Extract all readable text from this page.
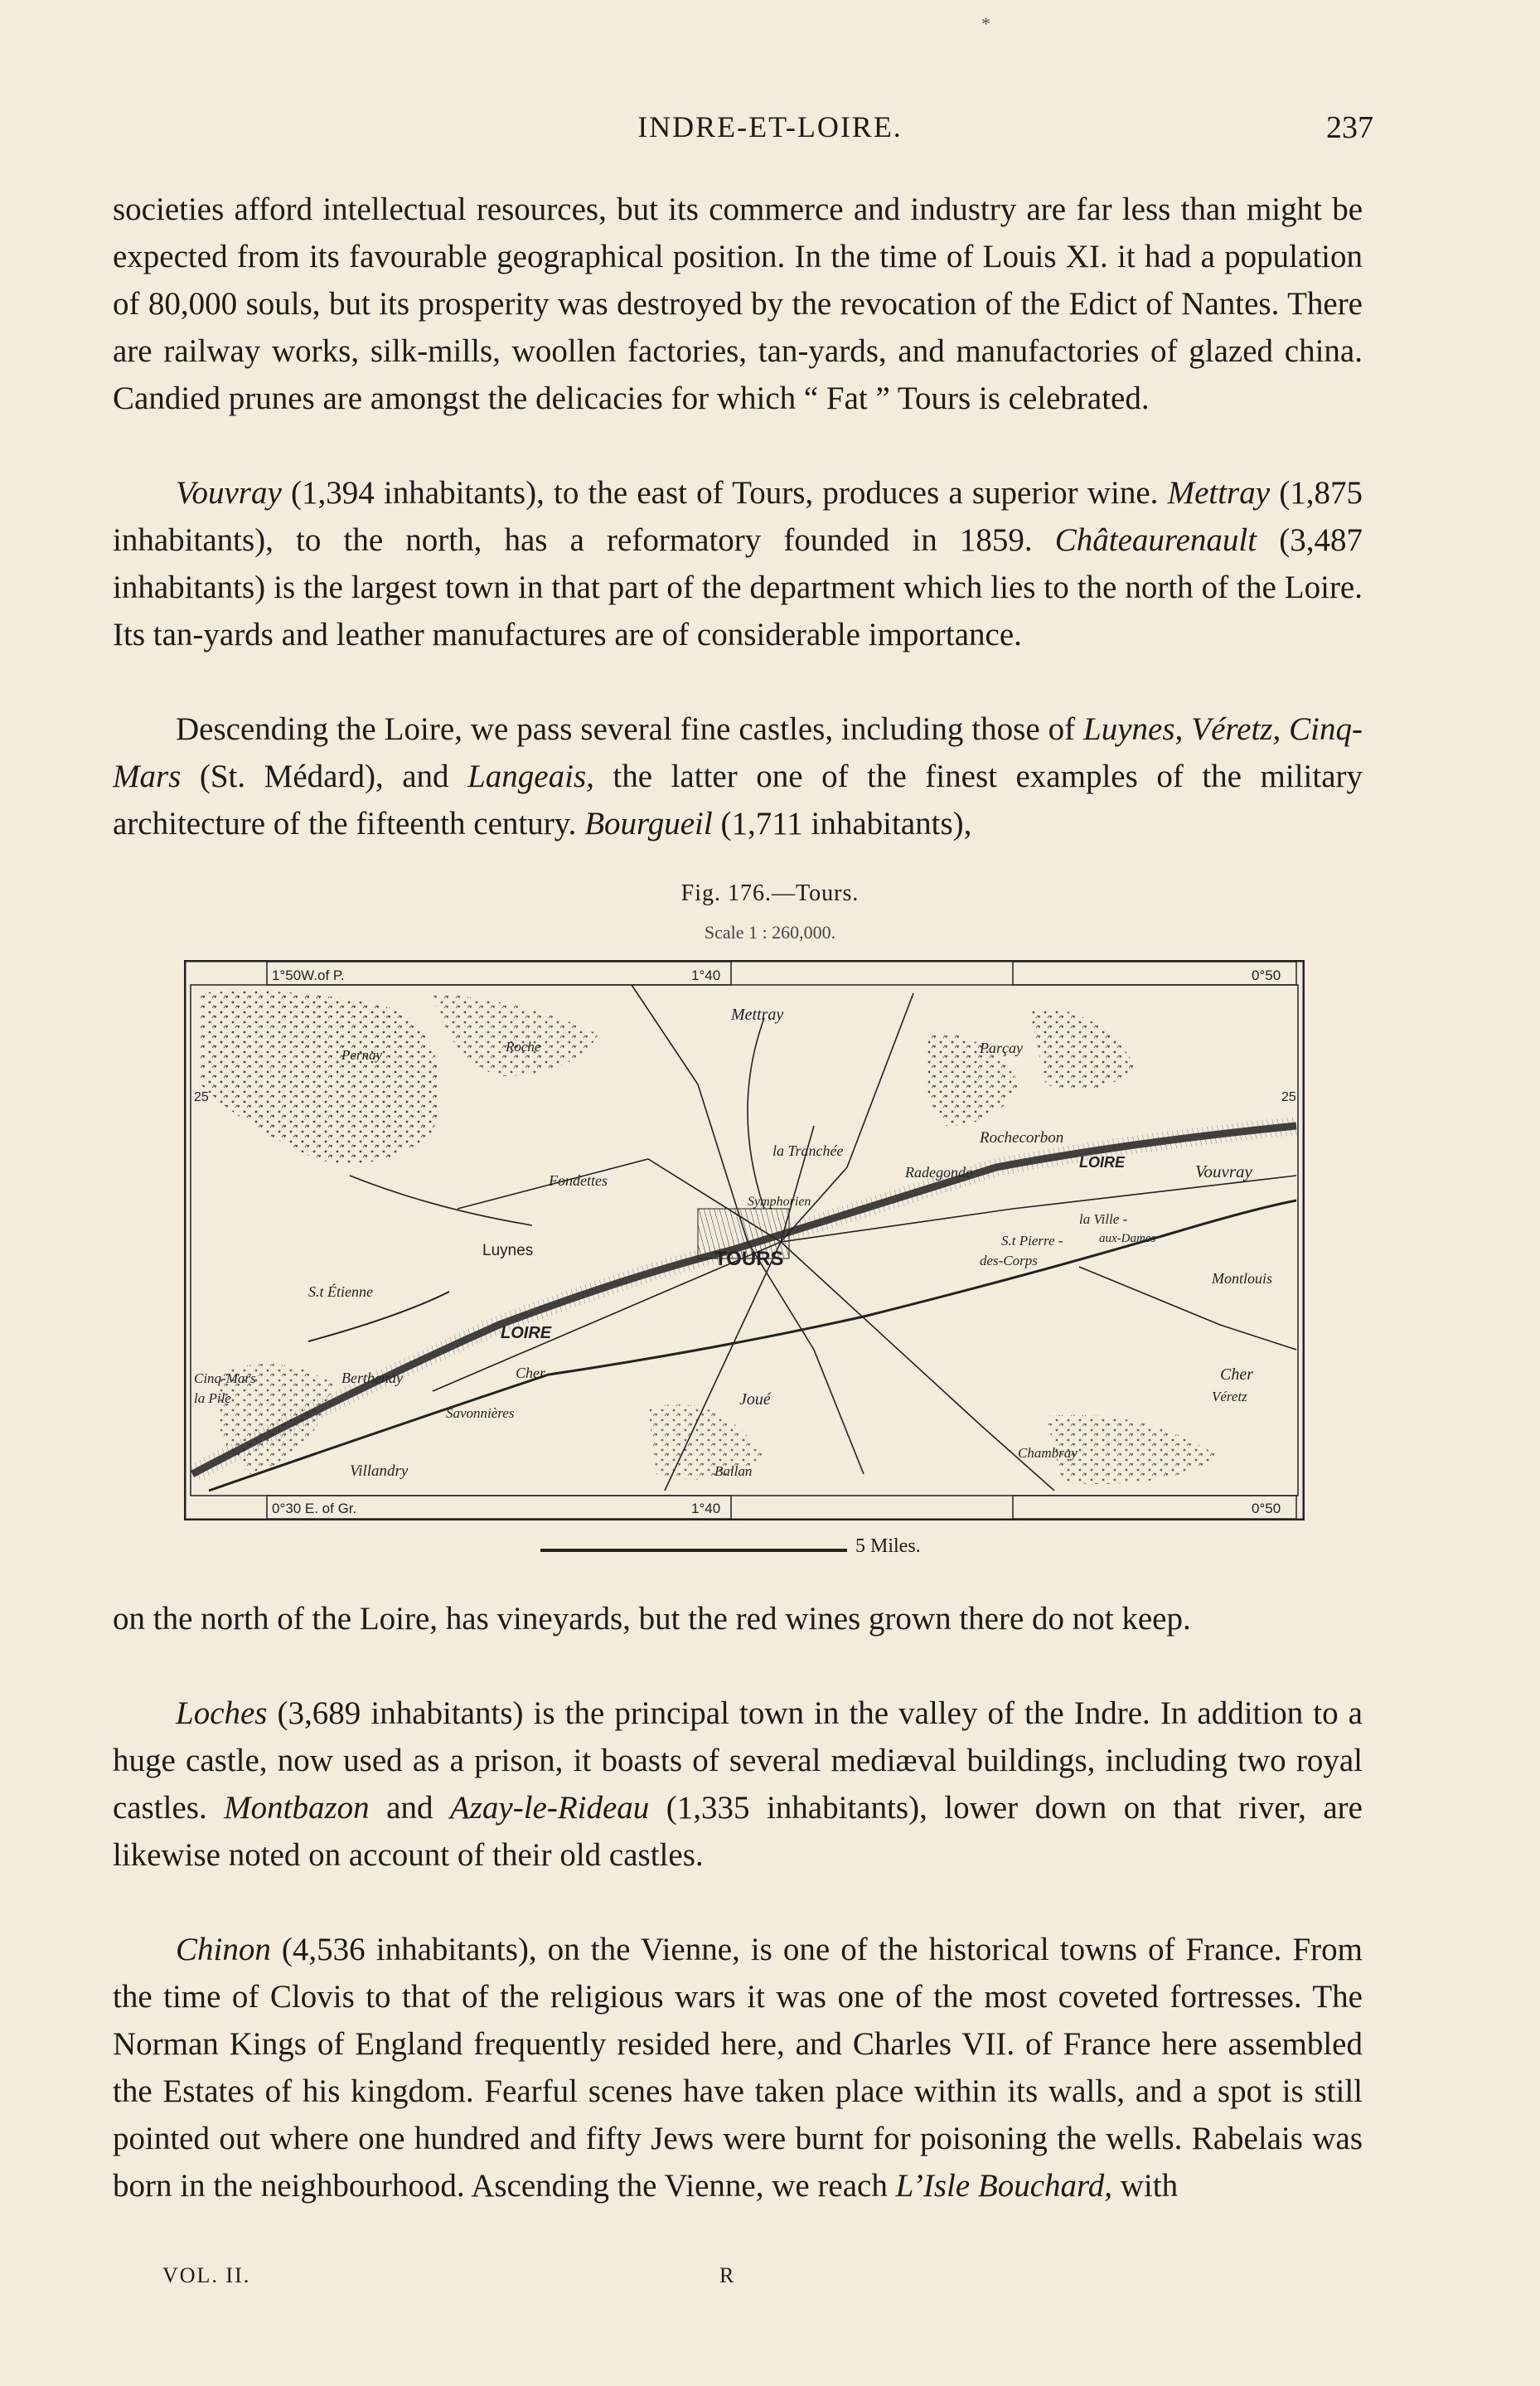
*
INDRE-ET-LOIRE.	237

societies afford intellectual resources, but its commerce and industry are far less than might be expected from its favourable geographical position. In the time of Louis XI. it had a population of 80,000 souls, but its prosperity was destroyed by the revocation of the Edict of Nantes. There are railway works, silk-mills, woollen factories, tan-yards, and manufactories of glazed china. Candied prunes are amongst the delicacies for which “ Fat ” Tours is celebrated.

Vouvray (1,394 inhabitants), to the east of Tours, produces a superior wine. Mettray (1,875 inhabitants), to the north, has a reformatory founded in 1859. Châteaurenault (3,487 inhabitants) is the largest town in that part of the department which lies to the north of the Loire. Its tan-yards and leather manufactures are of considerable importance.

Descending the Loire, we pass several fine castles, including those of Luynes, Véretz, Cinq-Mars (St. Médard), and Langeais, the latter one of the finest examples of the military architecture of the fifteenth century. Bourgueil (1,711 inhabitants),

Fig. 176.—Tours.
Scale 1 : 260,000.
1°50W.of P.	1°40	0°50
0°30 E. of Gr.	1°40	0°50
25	25
Mettray
Parçay
Rochecorbon
Vouvray
la Ville -
aux-Dames
S.t Pierre -
des-Corps
Montlouis
la Tranchée
Radegonde
Symphorien
TOURS
Fondettes
Luynes
S.t Étienne
LOIRE
LOIRE
Cinq-Mars
la Pile
Berthenay	Cher
Savonnières
Joué
Villandry	Ballan
Chambray
Cher
Véretz
Pernay
Roche
5 Miles.

on the north of the Loire, has vineyards, but the red wines grown there do not keep.

Loches (3,689 inhabitants) is the principal town in the valley of the Indre. In addition to a huge castle, now used as a prison, it boasts of several mediæval buildings, including two royal castles. Montbazon and Azay-le-Rideau (1,335 inhabitants), lower down on that river, are likewise noted on account of their old castles.

Chinon (4,536 inhabitants), on the Vienne, is one of the historical towns of France. From the time of Clovis to that of the religious wars it was one of the most coveted fortresses. The Norman Kings of England frequently resided here, and Charles VII. of France here assembled the Estates of his kingdom. Fearful scenes have taken place within its walls, and a spot is still pointed out where one hundred and fifty Jews were burnt for poisoning the wells. Rabelais was born in the neighbourhood. Ascending the Vienne, we reach L’Isle Bouchard, with

VOL. II.	R
